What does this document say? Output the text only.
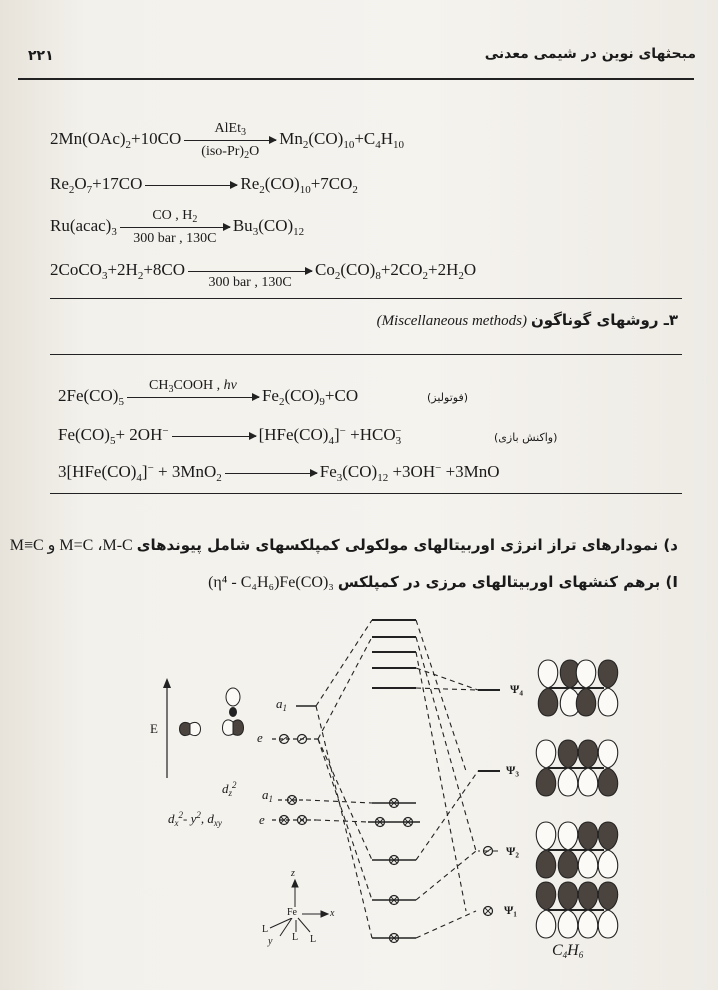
۲۲۱	مبحثهای نوین در شیمی معدنی
$2Mn(OAc)_2+10CO$
AlEt$_3$
$(iso-Pr)_2O$
$Mn_2(CO)_{10}+C_4H_{10}$
$Re_2O_7+17CO$	$Re_2(CO)_{10}+7CO_2$
$Ru(acac)_3$
CO , $H_2$
300 bar , 130C
$Bu_3(CO)_{12}$
$2CoCO_3+2H_2+8CO$
300 bar , 130C
$Co_2(CO)_8+2CO_2+2H_2O$
۳ـ روشهای گوناگون (Miscellaneous methods)
$2Fe(CO)_5$
$CH_3COOH$ , hv
$Fe_2(CO)_9+CO$	(فوتولیز)
$Fe(CO)_5+ 2OH^-$	$[HFe(CO)_4]^- +HCO_3^-$	(واکنش بازی)
$3[HFe(CO)_4]^- + 3MnO_2$	$Fe_3(CO)_{12} +3OH^- +3MnO$
د) نمودارهای تراز انرژی اوربیتالهای مولکولی کمپلکسهای شامل پیوندهای M≡C و M=C ،M-C
I) برهم کنشهای اوربیتالهای مرزی در کمپلکس (η⁴ - C₄H₆)Fe(CO)₃
E
$a_1$
e
$d_z^2$
$a_1$
$d_x^2-$ $y^2$, $d_{xy}$	e
Ψ₄
Ψ₃
Ψ₂
Ψ₁
z
x
y
Fe
L
L L
$C_4H_6$
